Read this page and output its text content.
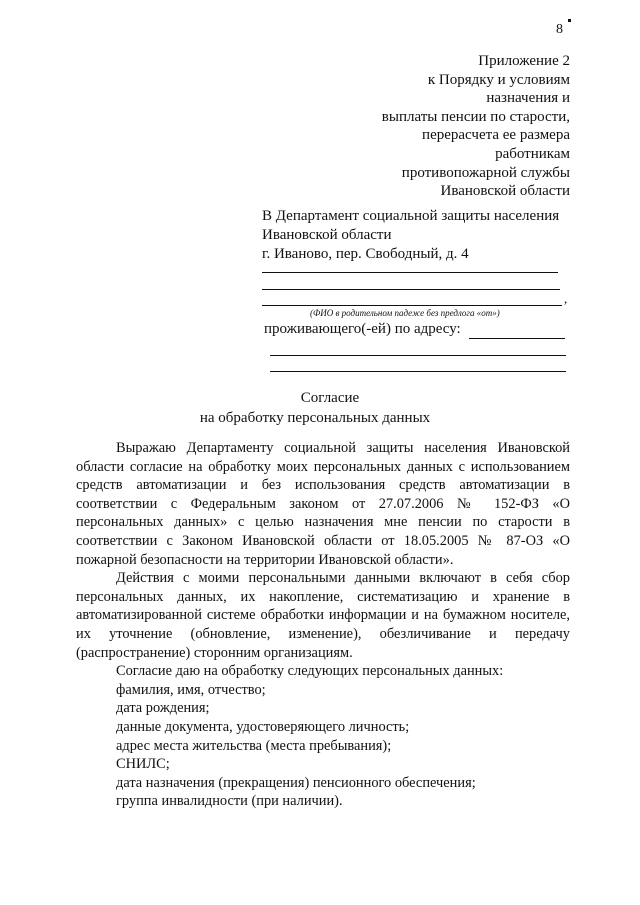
8
Приложение 2
к Порядку и условиям
назначения и
выплаты пенсии по старости,
перерасчета ее размера
работникам
противопожарной службы
Ивановской области
В Департамент социальной защиты населения
Ивановской области
г. Иваново, пер. Свободный, д. 4
,
(ФИО в родительном падеже без предлога «от»)
проживающего(-ей) по адресу:
Согласие
на обработку персональных данных

Выражаю Департаменту социальной защиты населения Ивановской области согласие на обработку моих персональных данных с использованием средств автоматизации и без использования средств автоматизации в соответствии с Федеральным законом от 27.07.2006 № 152-ФЗ «О персональных данных» с целью назначения мне пенсии по старости в соответствии с Законом Ивановской области от 18.05.2005 № 87-ОЗ «О пожарной безопасности на территории Ивановской области».

Действия с моими персональными данными включают в себя сбор персональных данных, их накопление, систематизацию и хранение в автоматизированной системе обработки информации и на бумажном носителе, их уточнение (обновление, изменение), обезличивание и передачу (распространение) сторонним организациям.

Согласие даю на обработку следующих персональных данных:

фамилия, имя, отчество;
дата рождения;
данные документа, удостоверяющего личность;
адрес места жительства (места пребывания);
СНИЛС;
дата назначения (прекращения) пенсионного обеспечения;
группа инвалидности (при наличии).
